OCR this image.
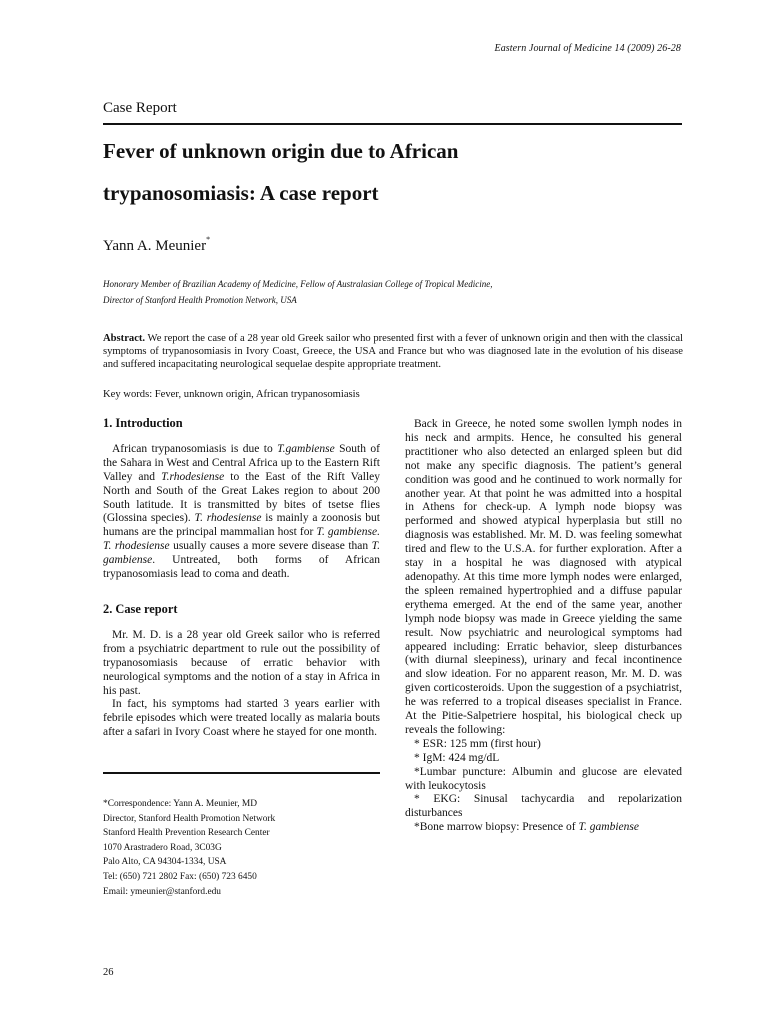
Eastern Journal of Medicine 14 (2009) 26-28
Case Report
Fever of unknown origin due to African
trypanosomiasis: A case report
Yann A. Meunier*
Honorary Member of Brazilian Academy of Medicine, Fellow of Australasian College of Tropical Medicine,
Director of Stanford Health Promotion Network, USA

Abstract. We report the case of a 28 year old Greek sailor who presented first with a fever of unknown origin and then with the classical symptoms of trypanosomiasis in Ivory Coast, Greece, the USA and France but who was diagnosed late in the evolution of his disease and suffered incapacitating neurological sequelae despite appropriate treatment.

Key words: Fever, unknown origin, African trypanosomiasis
1. Introduction

African trypanosomiasis is due to T.gambiense South of the Sahara in West and Central Africa up to the Eastern Rift Valley and T.rhodesiense to the East of the Rift Valley North and South of the Great Lakes region to about 200 South latitude. It is transmitted by bites of tsetse flies (Glossina species). T. rhodesiense is mainly a zoonosis but humans are the principal mammalian host for T. gambiense. T. rhodesiense usually causes a more severe disease than T. gambiense. Untreated, both forms of African trypanosomiasis lead to coma and death.

2. Case report

Mr. M. D. is a 28 year old Greek sailor who is referred from a psychiatric department to rule out the possibility of trypanosomiasis because of erratic behavior with neurological symptoms and the notion of a stay in Africa in his past.

In fact, his symptoms had started 3 years earlier with febrile episodes which were treated locally as malaria bouts after a safari in Ivory Coast where he stayed for one month.

*Correspondence: Yann A. Meunier, MD
Director, Stanford Health Promotion Network
Stanford Health Prevention Research Center
1070 Arastradero Road, 3C03G
Palo Alto, CA 94304-1334, USA
Tel: (650) 721 2802 Fax: (650) 723 6450
Email: ymeunier@stanford.edu

Back in Greece, he noted some swollen lymph nodes in his neck and armpits. Hence, he consulted his general practitioner who also detected an enlarged spleen but did not make any specific diagnosis. The patient’s general condition was good and he continued to work normally for another year. At that point he was admitted into a hospital in Athens for check-up. A lymph node biopsy was performed and showed atypical hyperplasia but still no diagnosis was established. Mr. M. D. was feeling somewhat tired and flew to the U.S.A. for further exploration. After a stay in a hospital he was diagnosed with atypical adenopathy. At this time more lymph nodes were enlarged, the spleen remained hypertrophied and a diffuse papular erythema emerged. At the end of the same year, another lymph node biopsy was made in Greece yielding the same result. Now psychiatric and neurological symptoms had appeared including: Erratic behavior, sleep disturbances (with diurnal sleepiness), urinary and fecal incontinence and slow ideation. For no apparent reason, Mr. M. D. was given corticosteroids. Upon the suggestion of a psychiatrist, he was referred to a tropical diseases specialist in France. At the Pitie-Salpetriere hospital, his biological check up reveals the following:

* ESR: 125 mm (first hour)
* IgM: 424 mg/dL
*Lumbar puncture: Albumin and glucose are elevated with leukocytosis
* EKG: Sinusal tachycardia and repolarization disturbances
*Bone marrow biopsy: Presence of T. gambiense
26
